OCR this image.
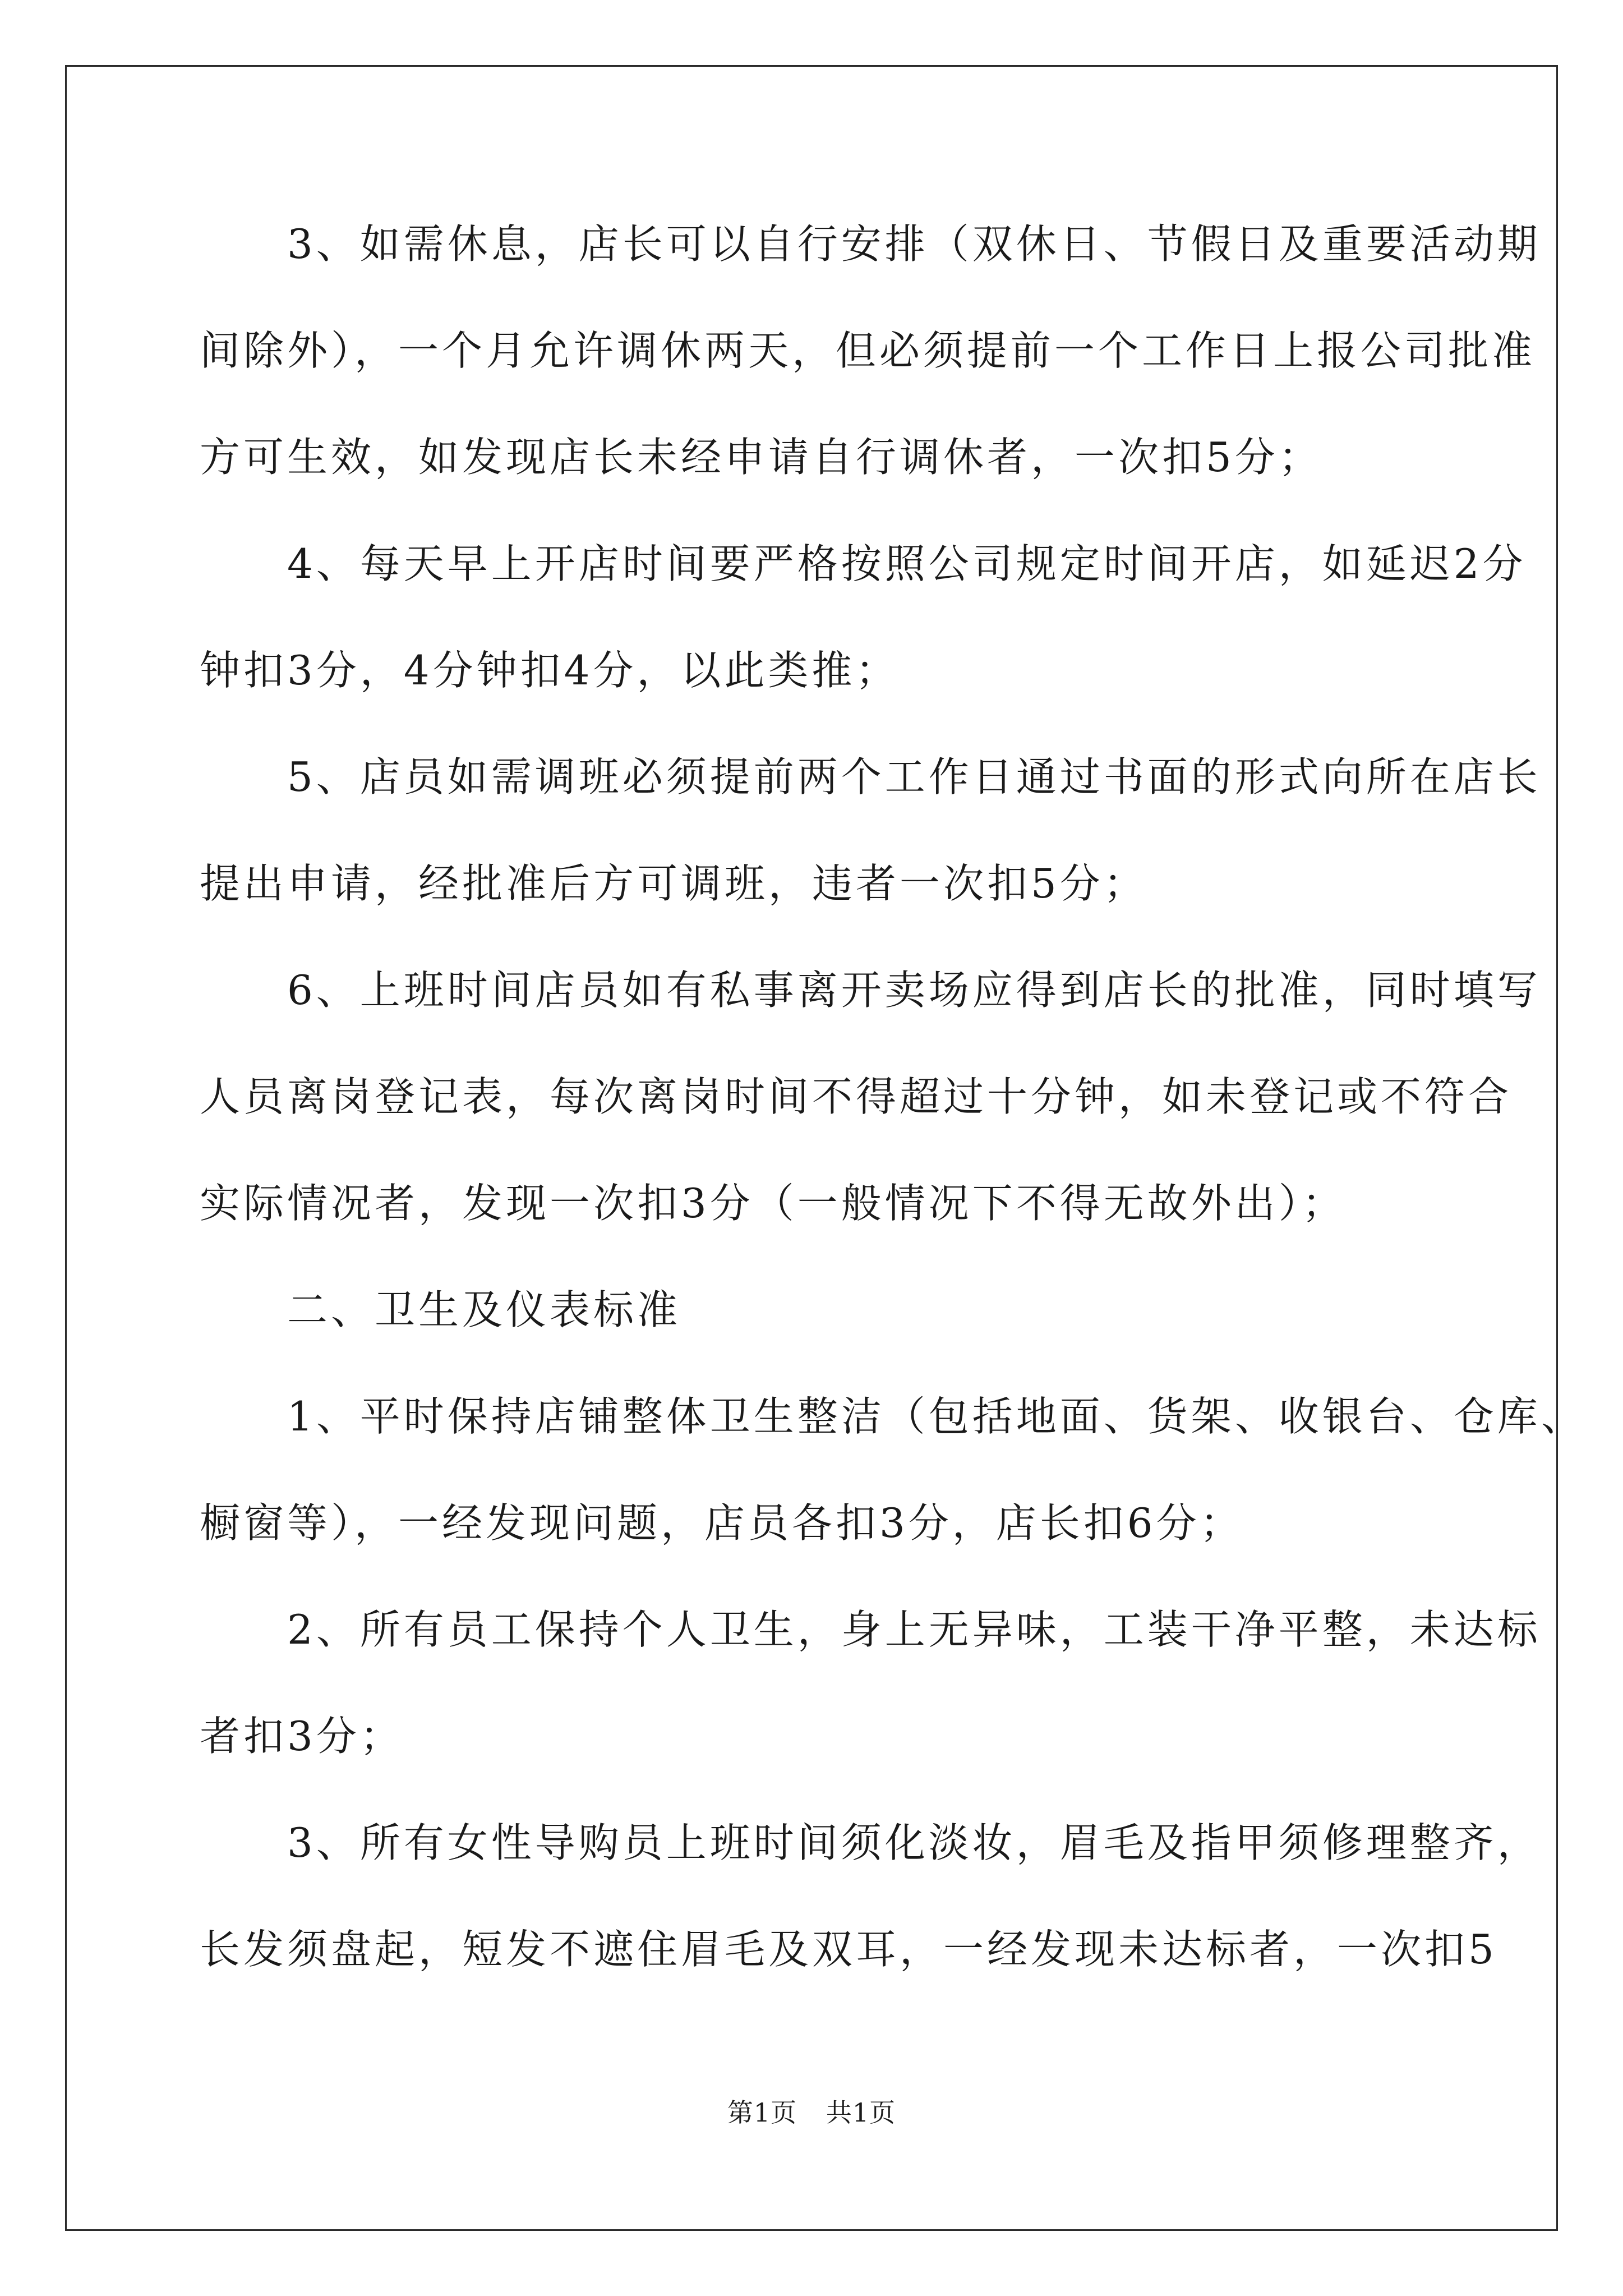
　　3、如需休息，店长可以自行安排（双休日、节假日及重要活动期
间除外），一个月允许调休两天，但必须提前一个工作日上报公司批准
方可生效，如发现店长未经申请自行调休者，一次扣5分；
　　4、每天早上开店时间要严格按照公司规定时间开店，如延迟2分
钟扣3分，4分钟扣4分，以此类推；
　　5、店员如需调班必须提前两个工作日通过书面的形式向所在店长
提出申请，经批准后方可调班，违者一次扣5分；
　　6、上班时间店员如有私事离开卖场应得到店长的批准，同时填写
人员离岗登记表，每次离岗时间不得超过十分钟，如未登记或不符合
实际情况者，发现一次扣3分（一般情况下不得无故外出）；
　　二、卫生及仪表标准
　　1、平时保持店铺整体卫生整洁（包括地面、货架、收银台、仓库、
橱窗等），一经发现问题，店员各扣3分，店长扣6分；
　　2、所有员工保持个人卫生，身上无异味，工装干净平整，未达标
者扣3分；
　　3、所有女性导购员上班时间须化淡妆，眉毛及指甲须修理整齐，
长发须盘起，短发不遮住眉毛及双耳，一经发现未达标者，一次扣5
第1页 共1页
